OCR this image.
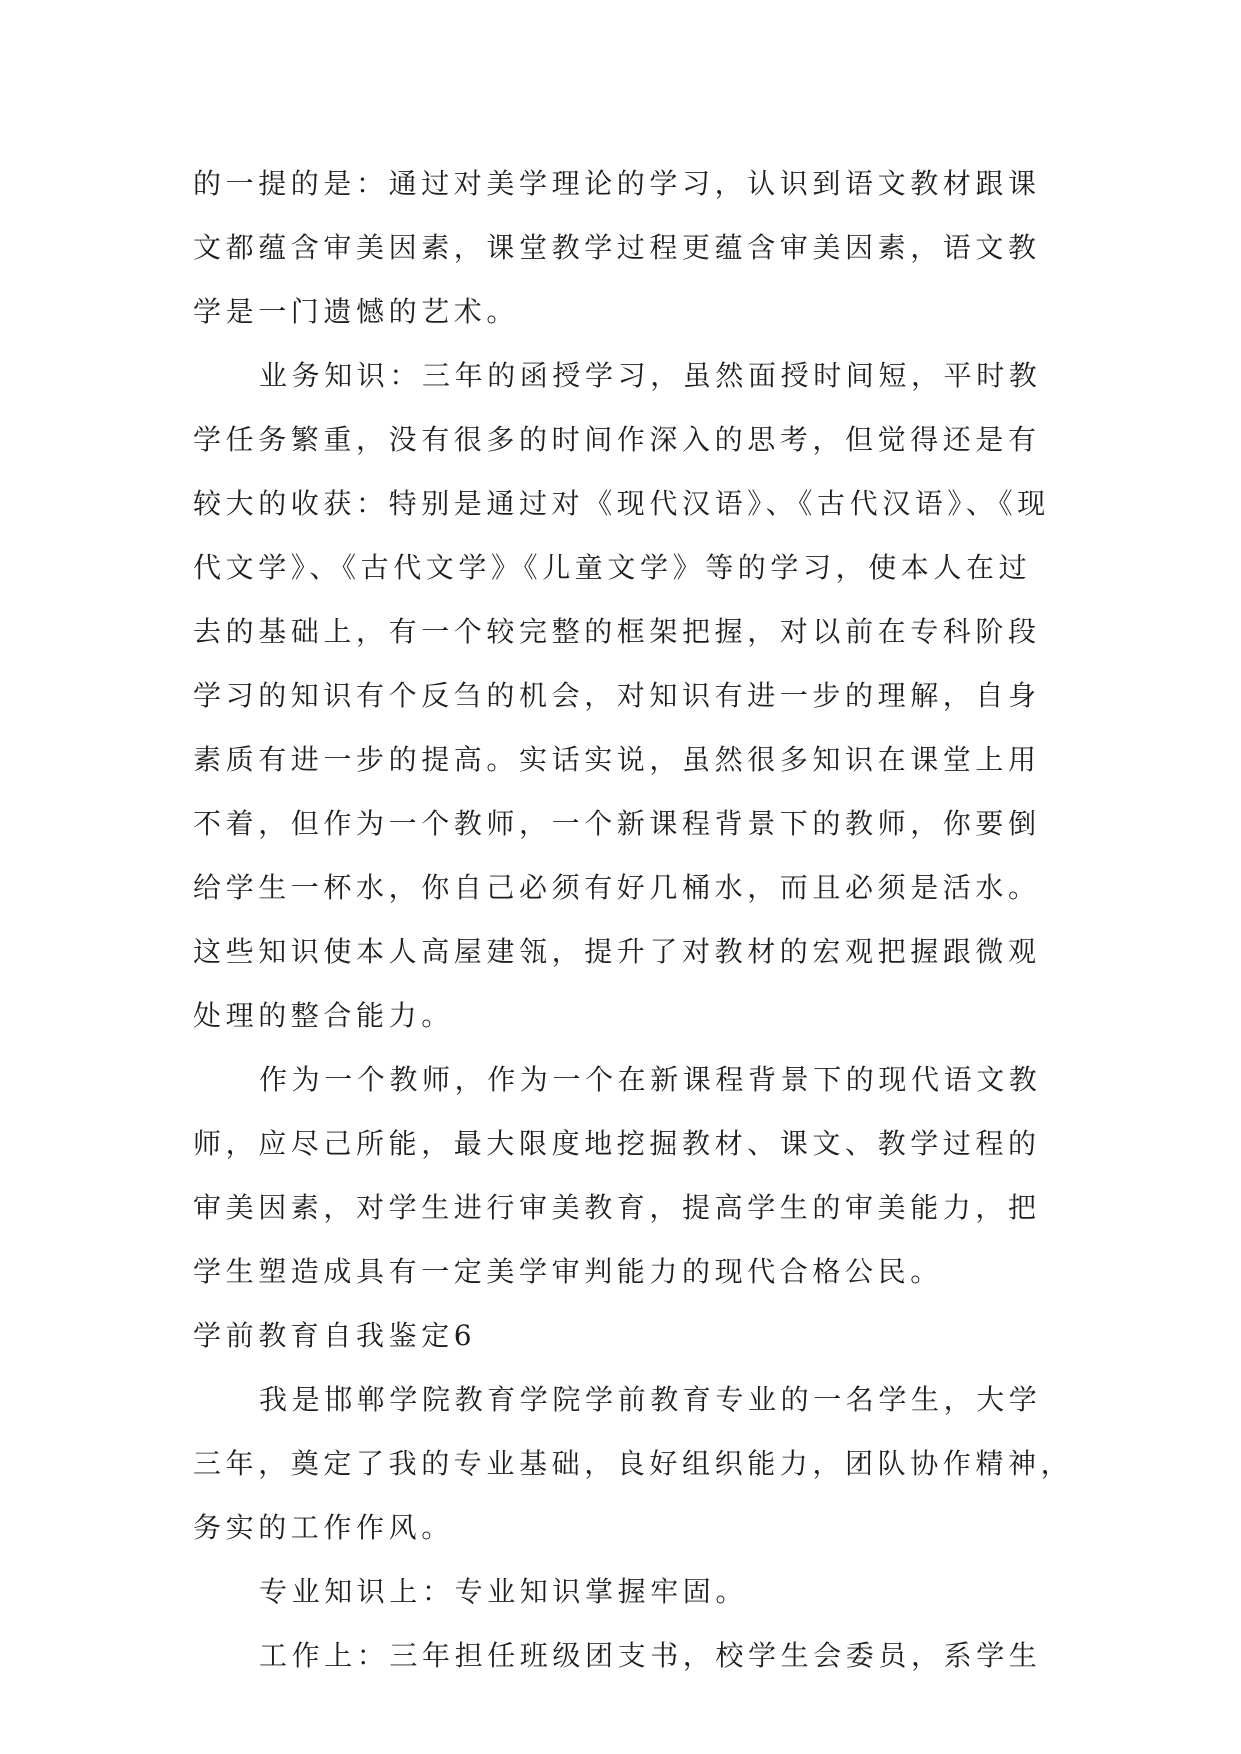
的一提的是：通过对美学理论的学习，认识到语文教材跟课
文都蕴含审美因素，课堂教学过程更蕴含审美因素，语文教
学是一门遗憾的艺术。
业务知识：三年的函授学习，虽然面授时间短，平时教
学任务繁重，没有很多的时间作深入的思考，但觉得还是有
较大的收获：特别是通过对《现代汉语》、《古代汉语》、《现
代文学》、《古代文学》《儿童文学》等的学习，使本人在过
去的基础上，有一个较完整的框架把握，对以前在专科阶段
学习的知识有个反刍的机会，对知识有进一步的理解，自身
素质有进一步的提高。实话实说，虽然很多知识在课堂上用
不着，但作为一个教师，一个新课程背景下的教师，你要倒
给学生一杯水，你自己必须有好几桶水，而且必须是活水。
这些知识使本人高屋建瓴，提升了对教材的宏观把握跟微观
处理的整合能力。
作为一个教师，作为一个在新课程背景下的现代语文教
师，应尽己所能，最大限度地挖掘教材、课文、教学过程的
审美因素，对学生进行审美教育，提高学生的审美能力，把
学生塑造成具有一定美学审判能力的现代合格公民。
学前教育自我鉴定6
我是邯郸学院教育学院学前教育专业的一名学生，大学
三年，奠定了我的专业基础，良好组织能力，团队协作精神，
务实的工作作风。
专业知识上：专业知识掌握牢固。
工作上：三年担任班级团支书，校学生会委员，系学生
